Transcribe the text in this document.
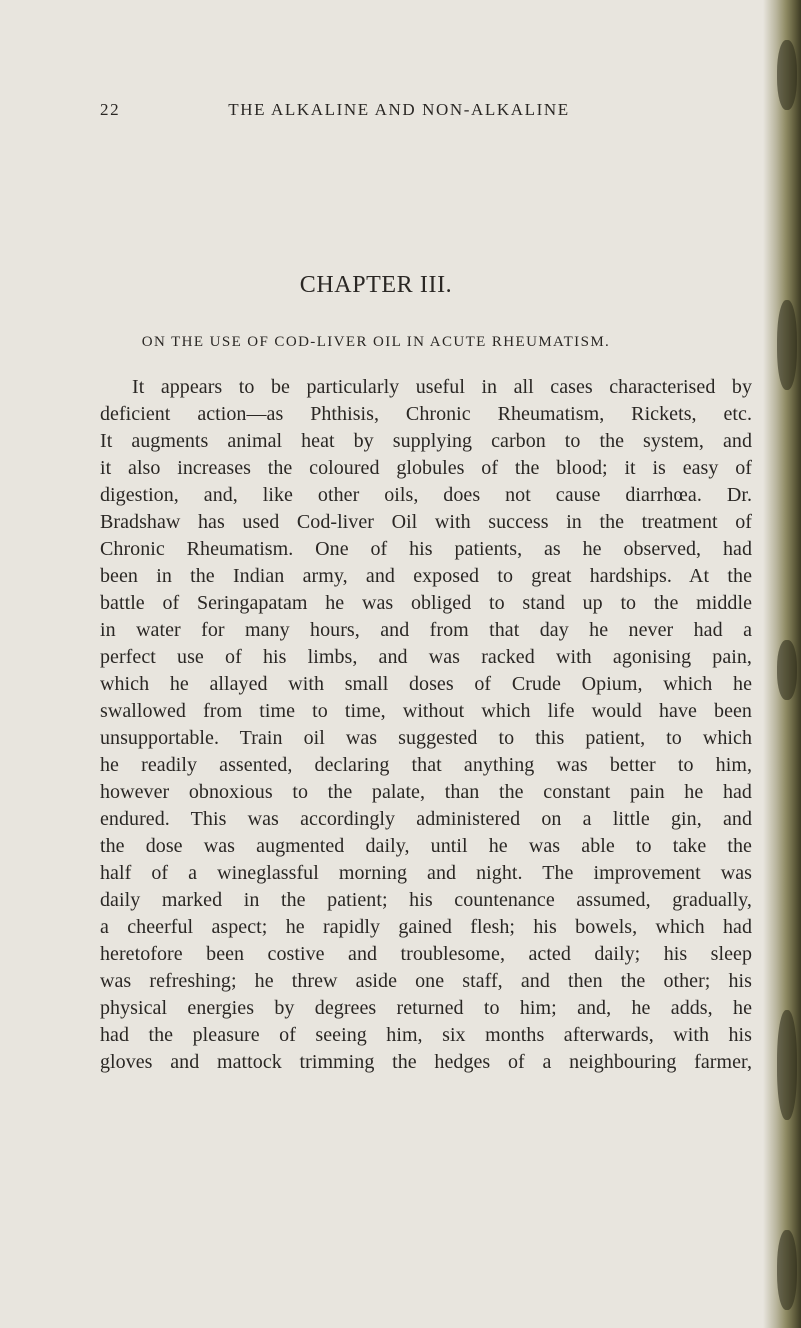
22	THE ALKALINE AND NON-ALKALINE
CHAPTER III.
ON THE USE OF COD-LIVER OIL IN ACUTE RHEUMATISM.
It appears to be particularly useful in all cases characterised by
deficient action—as Phthisis, Chronic Rheumatism, Rickets, etc.
It augments animal heat by supplying carbon to the system, and
it also increases the coloured globules of the blood; it is easy of
digestion, and, like other oils, does not cause diarrhœa. Dr.
Bradshaw has used Cod-liver Oil with success in the treatment of
Chronic Rheumatism. One of his patients, as he observed, had
been in the Indian army, and exposed to great hardships. At the
battle of Seringapatam he was obliged to stand up to the middle
in water for many hours, and from that day he never had a
perfect use of his limbs, and was racked with agonising pain,
which he allayed with small doses of Crude Opium, which he
swallowed from time to time, without which life would have been
unsupportable. Train oil was suggested to this patient, to which
he readily assented, declaring that anything was better to him,
however obnoxious to the palate, than the constant pain he had
endured. This was accordingly administered on a little gin, and
the dose was augmented daily, until he was able to take the
half of a wineglassful morning and night. The improvement was
daily marked in the patient; his countenance assumed, gradually,
a cheerful aspect; he rapidly gained flesh; his bowels, which had
heretofore been costive and troublesome, acted daily; his sleep
was refreshing; he threw aside one staff, and then the other; his
physical energies by degrees returned to him; and, he adds, he
had the pleasure of seeing him, six months afterwards, with his
gloves and mattock trimming the hedges of a neighbouring farmer,
